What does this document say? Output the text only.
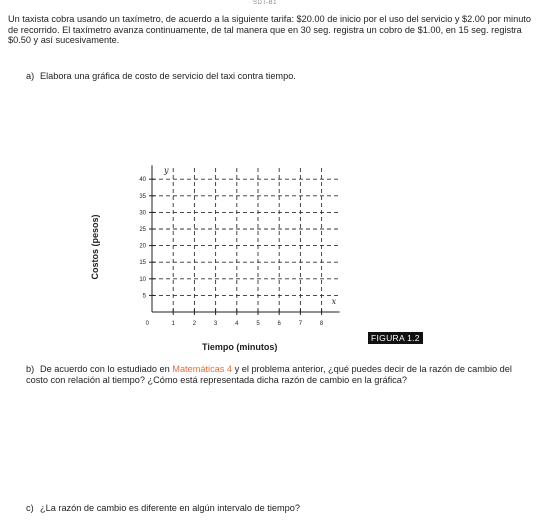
SDT-B1
Un taxista cobra usando un taxímetro, de acuerdo a la siguiente tarifa: $20.00 de inicio por el uso del servicio y $2.00 por minuto de recorrido. El taxímetro avanza continuamente, de tal manera que en 30 seg. registra un cobro de $1.00, en 15 seg. registra $0.50 y así sucesivamente.
a) Elabora una gráfica de costo de servicio del taxi contra tiempo.
1	2	3	4	5	6	7	8
5
10
15
20
25
30
35
40
0
y
x
Costos (pesos)
Tiempo (minutos)
FIGURA 1.2
b) De acuerdo con lo estudiado en Matemáticas 4 y el problema anterior, ¿qué puedes decir de la razón de cambio del costo con relación al tiempo? ¿Cómo está representada dicha razón de cambio en la gráfica?
c) ¿La razón de cambio es diferente en algún intervalo de tiempo?
